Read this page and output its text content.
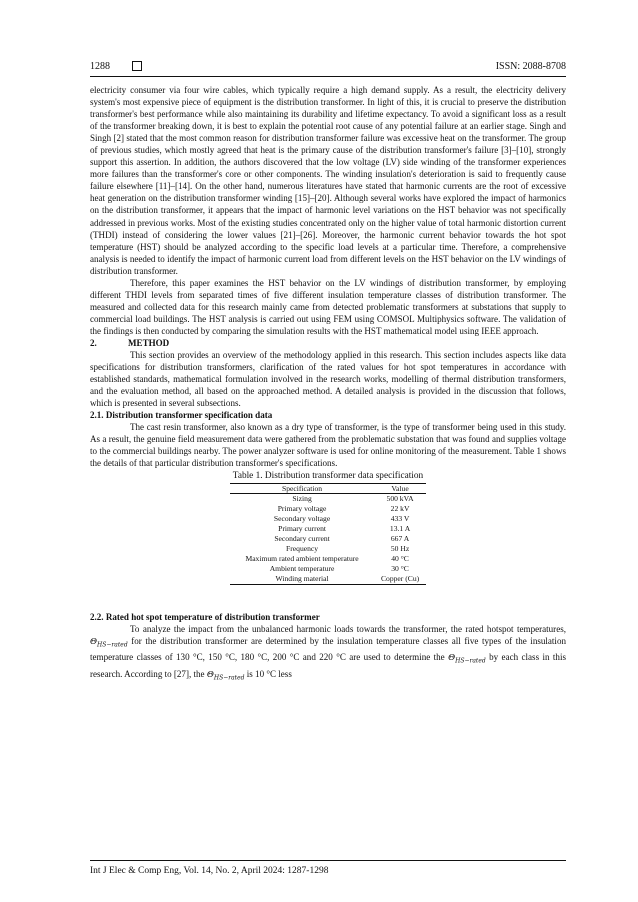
1288	ISSN: 2088-8708

electricity consumer via four wire cables, which typically require a high demand supply. As a result, the electricity delivery system's most expensive piece of equipment is the distribution transformer. In light of this, it is crucial to preserve the distribution transformer's best performance while also maintaining its durability and lifetime expectancy. To avoid a significant loss as a result of the transformer breaking down, it is best to explain the potential root cause of any potential failure at an earlier stage. Singh and Singh [2] stated that the most common reason for distribution transformer failure was excessive heat on the transformer. The group of previous studies, which mostly agreed that heat is the primary cause of the distribution transformer's failure [3]–[10], strongly support this assertion. In addition, the authors discovered that the low voltage (LV) side winding of the transformer experiences more failures than the transformer's core or other components. The winding insulation's deterioration is said to frequently cause failure elsewhere [11]–[14]. On the other hand, numerous literatures have stated that harmonic currents are the root of excessive heat generation on the distribution transformer winding [15]–[20]. Although several works have explored the impact of harmonics on the distribution transformer, it appears that the impact of harmonic level variations on the HST behavior was not specifically addressed in previous works. Most of the existing studies concentrated only on the higher value of total harmonic distortion current (THDI) instead of considering the lower values [21]–[26]. Moreover, the harmonic current behavior towards the hot spot temperature (HST) should be analyzed according to the specific load levels at a particular time. Therefore, a comprehensive analysis is needed to identify the impact of harmonic current load from different levels on the HST behavior on the LV windings of distribution transformer.

Therefore, this paper examines the HST behavior on the LV windings of distribution transformer, by employing different THDI levels from separated times of five different insulation temperature classes of distribution transformer. The measured and collected data for this research mainly came from detected problematic transformers at substations that supply to commercial load buildings. The HST analysis is carried out using FEM using COMSOL Multiphysics software. The validation of the findings is then conducted by comparing the simulation results with the HST mathematical model using IEEE approach.

2.	METHOD

This section provides an overview of the methodology applied in this research. This section includes aspects like data specifications for distribution transformers, clarification of the rated values for hot spot temperatures in accordance with established standards, mathematical formulation involved in the research works, modelling of thermal distribution transformers, and the evaluation method, all based on the approached method. A detailed analysis is provided in the discussion that follows, which is presented in several subsections.

2.1. Distribution transformer specification data

The cast resin transformer, also known as a dry type of transformer, is the type of transformer being used in this study. As a result, the genuine field measurement data were gathered from the problematic substation that was found and supplies voltage to the commercial buildings nearby. The power analyzer software is used for online monitoring of the measurement. Table 1 shows the details of that particular distribution transformer's specifications.

Table 1. Distribution transformer data specification

Specification	Value
Sizing	500 kVA
Primary voltage	22 kV
Secondary voltage	433 V
Primary current	13.1 A
Secondary current	667 A
Frequency	50 Hz
Maximum rated ambient temperature	40 °C
Ambient temperature	30 °C
Winding material	Copper (Cu)

2.2. Rated hot spot temperature of distribution transformer

To analyze the impact from the unbalanced harmonic loads towards the transformer, the rated hotspot temperatures, $\Theta_{HS-rated}$ for the distribution transformer are determined by the insulation temperature classes all five types of the insulation temperature classes of 130 °C, 150 °C, 180 °C, 200 °C and 220 °C are used to determine the $\Theta_{HS-rated}$ by each class in this research. According to [27], the $\Theta_{HS-rated}$ is 10 °C less

Int J Elec & Comp Eng, Vol. 14, No. 2, April 2024: 1287-1298
